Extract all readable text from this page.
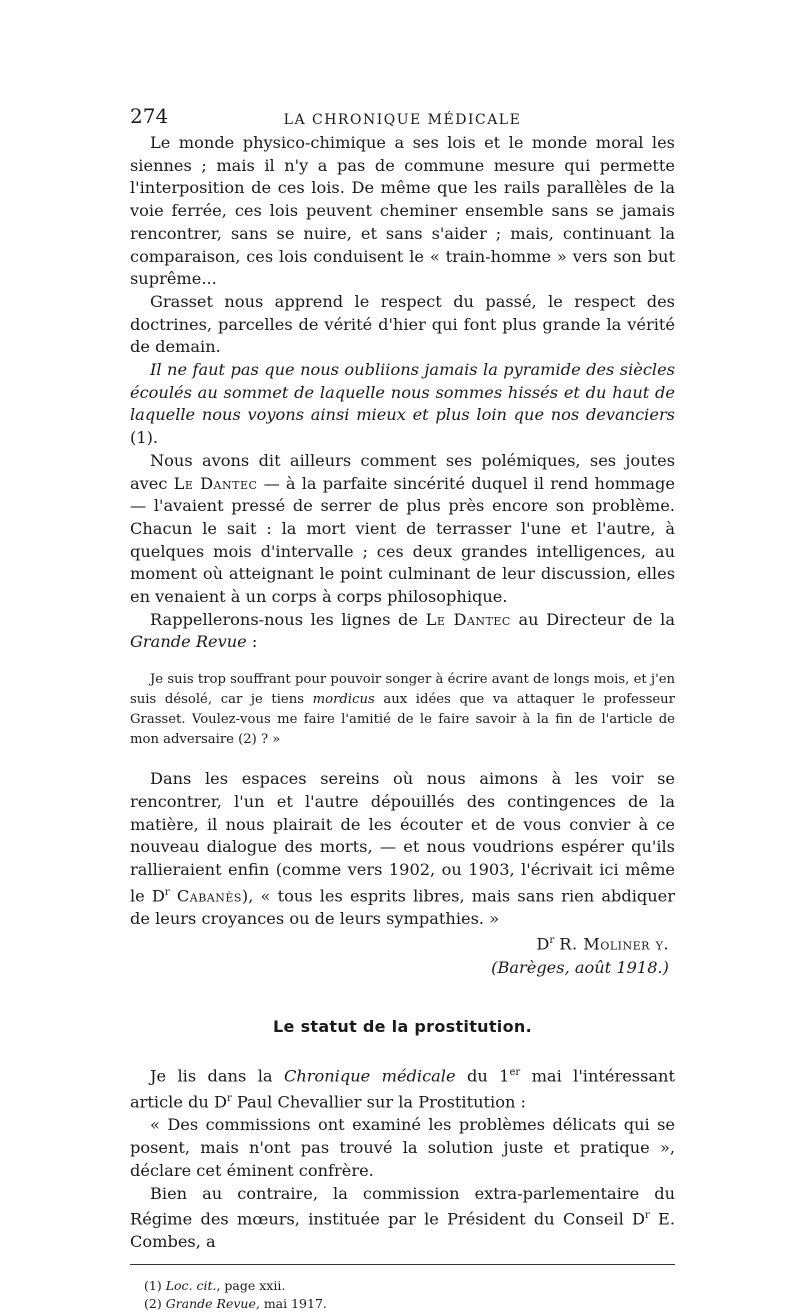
274	LA CHRONIQUE MÉDICALE

Le monde physico-chimique a ses lois et le monde moral les siennes ; mais il n'y a pas de commune mesure qui permette l'interposition de ces lois. De même que les rails parallèles de la voie ferrée, ces lois peuvent cheminer ensemble sans se jamais rencontrer, sans se nuire, et sans s'aider ; mais, continuant la comparaison, ces lois conduisent le « train-homme » vers son but suprême...

Grasset nous apprend le respect du passé, le respect des doctrines, parcelles de vérité d'hier qui font plus grande la vérité de demain.

Il ne faut pas que nous oubliions jamais la pyramide des siècles écoulés au sommet de laquelle nous sommes hissés et du haut de laquelle nous voyons ainsi mieux et plus loin que nos devanciers (1).

Nous avons dit ailleurs comment ses polémiques, ses joutes avec Le Dantec — à la parfaite sincérité duquel il rend hommage — l'avaient pressé de serrer de plus près encore son problème. Chacun le sait : la mort vient de terrasser l'une et l'autre, à quelques mois d'intervalle ; ces deux grandes intelligences, au moment où atteignant le point culminant de leur discussion, elles en venaient à un corps à corps philosophique.

Rappellerons-nous les lignes de Le Dantec au Directeur de la Grande Revue :

Je suis trop souffrant pour pouvoir songer à écrire avant de longs mois, et j'en suis désolé, car je tiens mordicus aux idées que va attaquer le professeur Grasset. Voulez-vous me faire l'amitié de le faire savoir à la fin de l'article de mon adversaire (2) ? »

Dans les espaces sereins où nous aimons à les voir se rencontrer, l'un et l'autre dépouillés des contingences de la matière, il nous plairait de les écouter et de vous convier à ce nouveau dialogue des morts, — et nous voudrions espérer qu'ils rallieraient enfin (comme vers 1902, ou 1903, l'écrivait ici même le $D^r$ Cabanès), « tous les esprits libres, mais sans rien abdiquer de leurs croyances ou de leurs sympathies. »

$D^r$ R. Moliner y.
(Barèges, août 1918.)
Le statut de la prostitution.

Je lis dans la Chronique médicale du 1er mai l'intéressant article du $D^r$ Paul Chevallier sur la Prostitution :

« Des commissions ont examiné les problèmes délicats qui se posent, mais n'ont pas trouvé la solution juste et pratique », déclare cet éminent confrère.

Bien au contraire, la commission extra-parlementaire du Régime des mœurs, instituée par le Président du Conseil $D^r$ E. Combes, a

(1) Loc. cit., page xxii.
(2) Grande Revue, mai 1917.
